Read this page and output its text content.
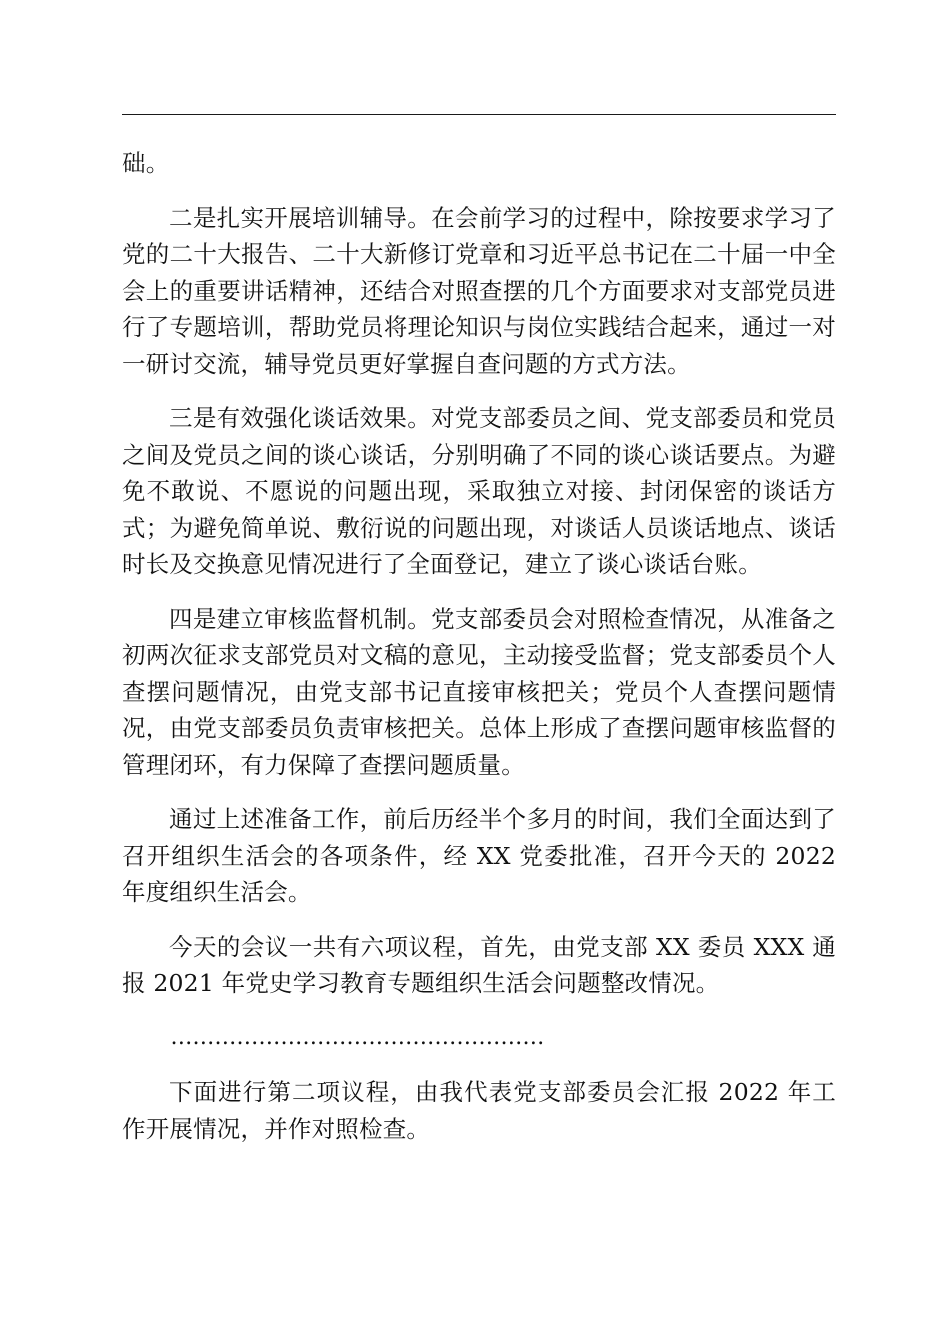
础。

二是扎实开展培训辅导。在会前学习的过程中，除按要求学习了党的二十大报告、二十大新修订党章和习近平总书记在二十届一中全会上的重要讲话精神，还结合对照查摆的几个方面要求对支部党员进行了专题培训，帮助党员将理论知识与岗位实践结合起来，通过一对一研讨交流，辅导党员更好掌握自查问题的方式方法。

三是有效强化谈话效果。对党支部委员之间、党支部委员和党员之间及党员之间的谈心谈话，分别明确了不同的谈心谈话要点。为避免不敢说、不愿说的问题出现，采取独立对接、封闭保密的谈话方式；为避免简单说、敷衍说的问题出现，对谈话人员谈话地点、谈话时长及交换意见情况进行了全面登记，建立了谈心谈话台账。

四是建立审核监督机制。党支部委员会对照检查情况，从准备之初两次征求支部党员对文稿的意见，主动接受监督；党支部委员个人查摆问题情况，由党支部书记直接审核把关；党员个人查摆问题情况，由党支部委员负责审核把关。总体上形成了查摆问题审核监督的管理闭环，有力保障了查摆问题质量。

通过上述准备工作，前后历经半个多月的时间，我们全面达到了召开组织生活会的各项条件，经 XX 党委批准，召开今天的 2022 年度组织生活会。

今天的会议一共有六项议程，首先，由党支部 XX 委员 XXX 通报 2021 年党史学习教育专题组织生活会问题整改情况。

……………………………………………

下面进行第二项议程，由我代表党支部委员会汇报 2022 年工作开展情况，并作对照检查。
